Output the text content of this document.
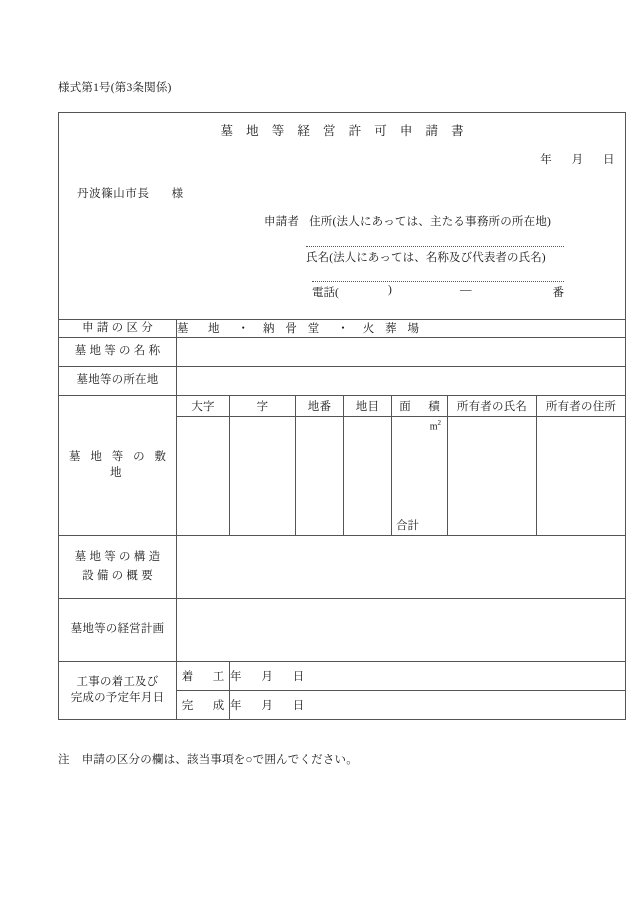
様式第1号(第3条関係)
墓 地 等 経 営 許 可 申 請 書
年 月 日
丹波篠山市長 様
申請者 住所(法人にあっては、主たる事務所の所在地)
氏名(法人にあっては、名称及び代表者の氏名)
電話(	)	―	番

申 請 の 区 分	墓　地 ・ 納 骨 堂 ・ 火 葬 場						
墓 地 等 の 名 称							
墓地等の所在地							
墓 地 等 の 敷 地	大字	字	地番	地目	面　積	所有者の氏名	所有者の住所

					$m^2$
合計		

墓 地 等 の 構 造
設 備 の 概 要							

墓地等の経営計画							

工事の着工及び
完成の予定年月日	着　工	年 月 日					
	完　成	年 月 日					
注 申請の区分の欄は、該当事項を○で囲んでください。
